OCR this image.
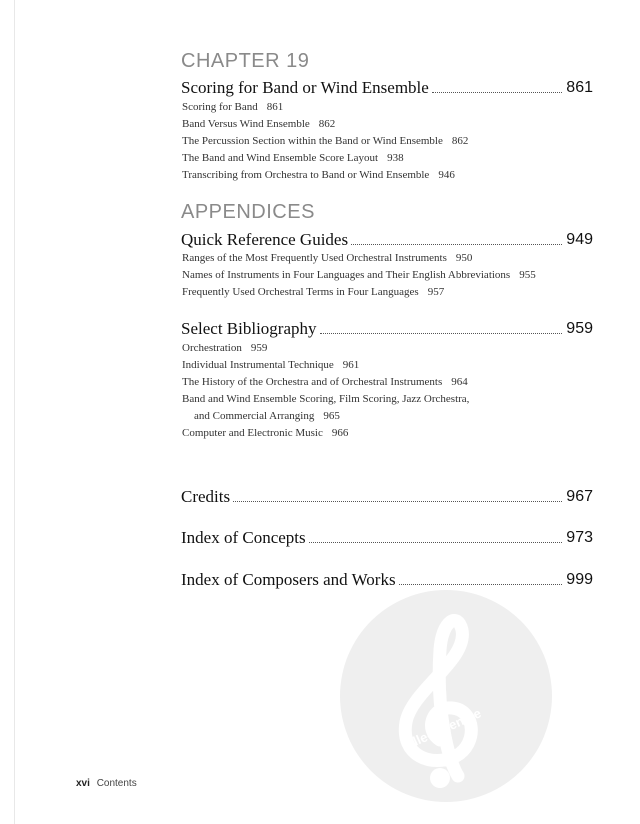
CHAPTER 19
Scoring for Band or Wind Ensemble	861
Scoring for Band 861
Band Versus Wind Ensemble 862
The Percussion Section within the Band or Wind Ensemble 862
The Band and Wind Ensemble Score Layout 938
Transcribing from Orchestra to Band or Wind Ensemble 946
APPENDICES
Quick Reference Guides	949
Ranges of the Most Frequently Used Orchestral Instruments 950
Names of Instruments in Four Languages and Their English Abbreviations 955
Frequently Used Orchestral Terms in Four Languages 957
Select Bibliography	959
Orchestration 959
Individual Instrumental Technique 961
The History of the Orchestra and of Orchestral Instruments 964
Band and Wind Ensemble Scoring, Film Scoring, Jazz Orchestra,
and Commercial Arranging 965
Computer and Electronic Music 966
Credits	967
Index of Concepts	973
Index of Composers and Works	999
alle-noten.de
xvi Contents
